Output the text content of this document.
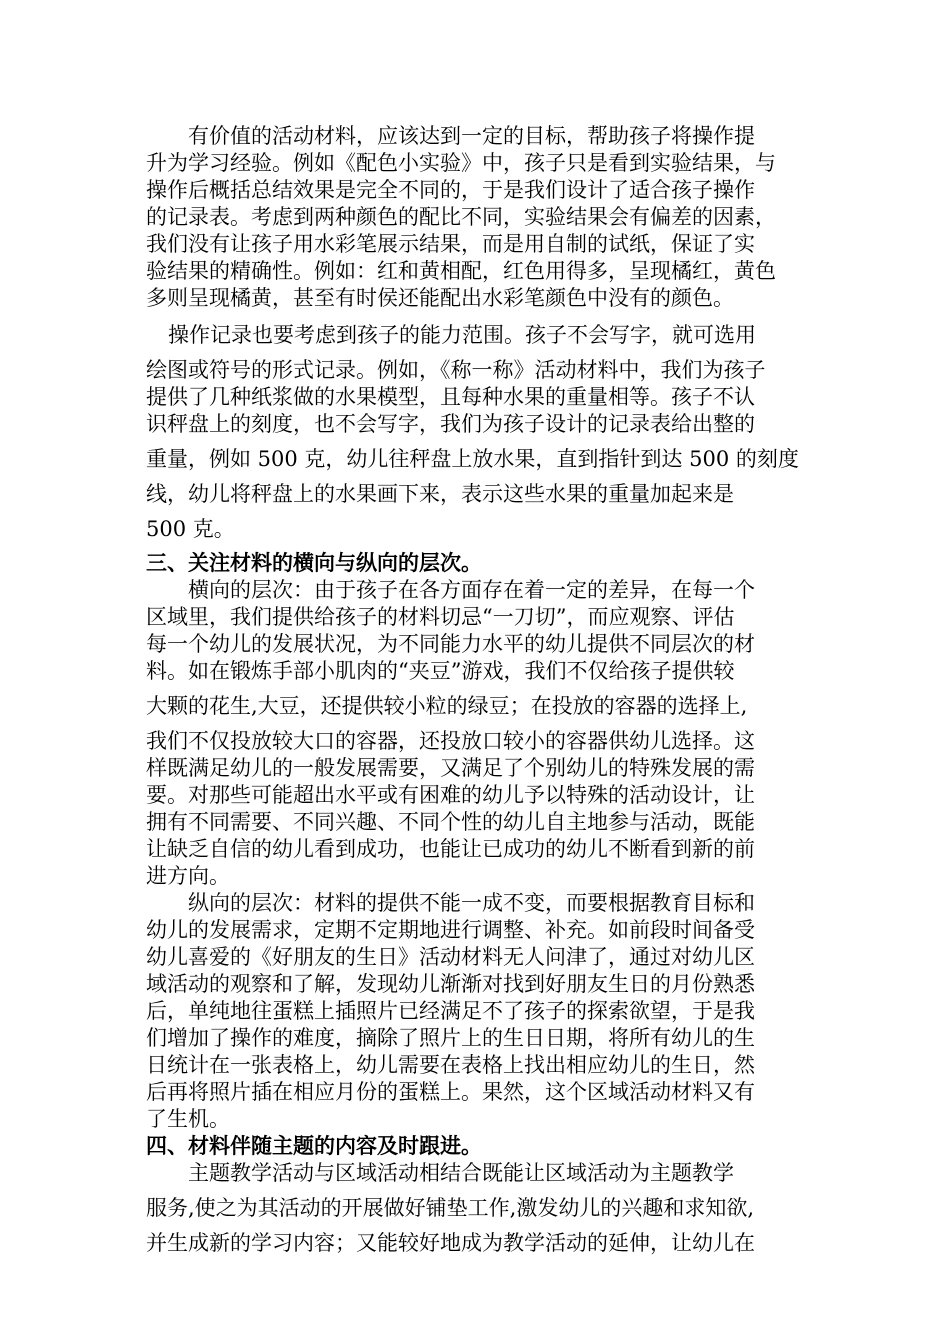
有价值的活动材料，应该达到一定的目标，帮助孩子将操作提
升为学习经验。例如《配色小实验》中，孩子只是看到实验结果，与
操作后概括总结效果是完全不同的，于是我们设计了适合孩子操作
的记录表。考虑到两种颜色的配比不同，实验结果会有偏差的因素，
我们没有让孩子用水彩笔展示结果，而是用自制的试纸，保证了实
验结果的精确性。例如：红和黄相配，红色用得多，呈现橘红，黄色
多则呈现橘黄，甚至有时侯还能配出水彩笔颜色中没有的颜色。
操作记录也要考虑到孩子的能力范围。孩子不会写字，就可选用
绘图或符号的形式记录。例如，《称一称》活动材料中，我们为孩子
提供了几种纸浆做的水果模型，且每种水果的重量相等。孩子不认
识秤盘上的刻度，也不会写字，我们为孩子设计的记录表给出整的
重量，例如 500 克，幼儿往秤盘上放水果，直到指针到达 500 的刻度
线，幼儿将秤盘上的水果画下来，表示这些水果的重量加起来是
500 克。
三、关注材料的横向与纵向的层次。
横向的层次：由于孩子在各方面存在着一定的差异，在每一个
区域里，我们提供给孩子的材料切忌“一刀切”，而应观察、评估
每一个幼儿的发展状况，为不同能力水平的幼儿提供不同层次的材
料。如在锻炼手部小肌肉的“夹豆”游戏，我们不仅给孩子提供较
大颗的花生,大豆，还提供较小粒的绿豆；在投放的容器的选择上,
我们不仅投放较大口的容器，还投放口较小的容器供幼儿选择。这
样既满足幼儿的一般发展需要，又满足了个别幼儿的特殊发展的需
要。对那些可能超出水平或有困难的幼儿予以特殊的活动设计，让
拥有不同需要、不同兴趣、不同个性的幼儿自主地参与活动，既能
让缺乏自信的幼儿看到成功，也能让已成功的幼儿不断看到新的前
进方向。
纵向的层次：材料的提供不能一成不变，而要根据教育目标和
幼儿的发展需求，定期不定期地进行调整、补充。如前段时间备受
幼儿喜爱的《好朋友的生日》活动材料无人问津了，通过对幼儿区
域活动的观察和了解，发现幼儿渐渐对找到好朋友生日的月份熟悉
后，单纯地往蛋糕上插照片已经满足不了孩子的探索欲望，于是我
们增加了操作的难度，摘除了照片上的生日日期，将所有幼儿的生
日统计在一张表格上，幼儿需要在表格上找出相应幼儿的生日，然
后再将照片插在相应月份的蛋糕上。果然，这个区域活动材料又有
了生机。
四、材料伴随主题的内容及时跟进。
主题教学活动与区域活动相结合既能让区域活动为主题教学
服务,使之为其活动的开展做好铺垫工作,激发幼儿的兴趣和求知欲,
并生成新的学习内容；又能较好地成为教学活动的延伸，让幼儿在
